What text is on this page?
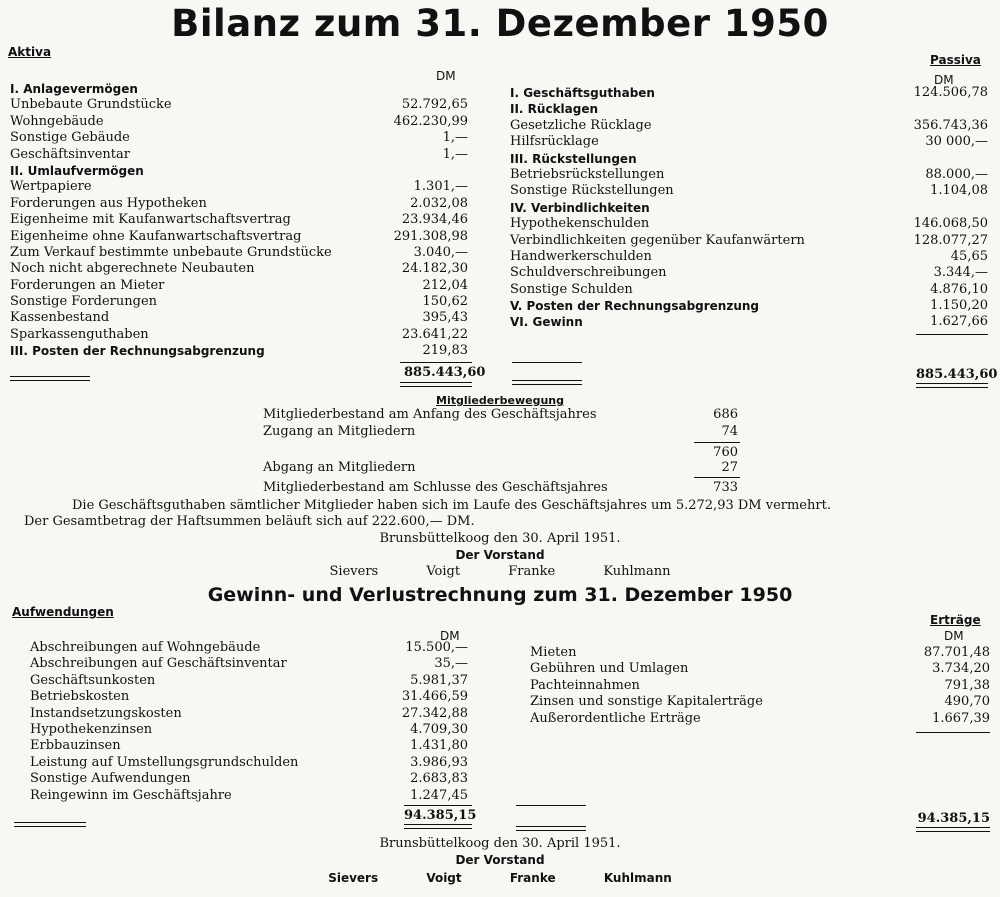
Bilanz zum 31. Dezember 1950
Aktiva
Passiva
DM	DM
I. Anlagevermögen
Unbebaute Grundstücke	52.792,65
Wohngebäude	462.230,99
Sonstige Gebäude	1,—
Geschäftsinventar	1,—
II. Umlaufvermögen
Wertpapiere	1.301,—
Forderungen aus Hypotheken	2.032,08
Eigenheime mit Kaufanwartschaftsvertrag	23.934,46
Eigenheime ohne Kaufanwartschaftsvertrag	291.308,98
Zum Verkauf bestimmte unbebaute Grundstücke	3.040,—
Noch nicht abgerechnete Neubauten	24.182,30
Forderungen an Mieter	212,04
Sonstige Forderungen	150,62
Kassenbestand	395,43
Sparkassenguthaben	23.641,22
III. Posten der Rechnungsabgrenzung	219,83
I. Geschäftsguthaben	124.506,78
II. Rücklagen
Gesetzliche Rücklage	356.743,36
Hilfsrücklage	30 000,—
III. Rückstellungen
Betriebsrückstellungen	88.000,—
Sonstige Rückstellungen	1.104,08
IV. Verbindlichkeiten
Hypothekenschulden	146.068,50
Verbindlichkeiten gegenüber Kaufanwärtern	128.077,27
Handwerkerschulden	45,65
Schuldverschreibungen	3.344,—
Sonstige Schulden	4.876,10
V. Posten der Rechnungsabgrenzung	1.150,20
VI. Gewinn	1.627,66
885.443,60	885.443,60
Mitgliederbewegung
Mitgliederbestand am Anfang des Geschäftsjahres	686
Zugang an Mitgliedern	74
760
Abgang an Mitgliedern	27
Mitgliederbestand am Schlusse des Geschäftsjahres	733
Die Geschäftsguthaben sämtlicher Mitglieder haben sich im Laufe des Geschäftsjahres um 5.272,93 DM vermehrt.
Der Gesamtbetrag der Haftsummen beläuft sich auf 222.600,— DM.
Brunsbüttelkoog den 30. April 1951.
Der Vorstand
Sievers	Voigt	Franke	Kuhlmann
Gewinn- und Verlustrechnung zum 31. Dezember 1950
Aufwendungen
Erträge
DM	DM
Abschreibungen auf Wohngebäude	15.500,—
Abschreibungen auf Geschäftsinventar	35,—
Geschäftsunkosten	5.981,37
Betriebskosten	31.466,59
Instandsetzungskosten	27.342,88
Hypothekenzinsen	4.709,30
Erbbauzinsen	1.431,80
Leistung auf Umstellungsgrundschulden	3.986,93
Sonstige Aufwendungen	2.683,83
Reingewinn im Geschäftsjahre	1.247,45
Mieten	87.701,48
Gebühren und Umlagen	3.734,20
Pachteinnahmen	791,38
Zinsen und sonstige Kapitalerträge	490,70
Außerordentliche Erträge	1.667,39
94.385,15	94.385,15
Brunsbüttelkoog den 30. April 1951.
Der Vorstand
Sievers	Voigt	Franke	Kuhlmann
